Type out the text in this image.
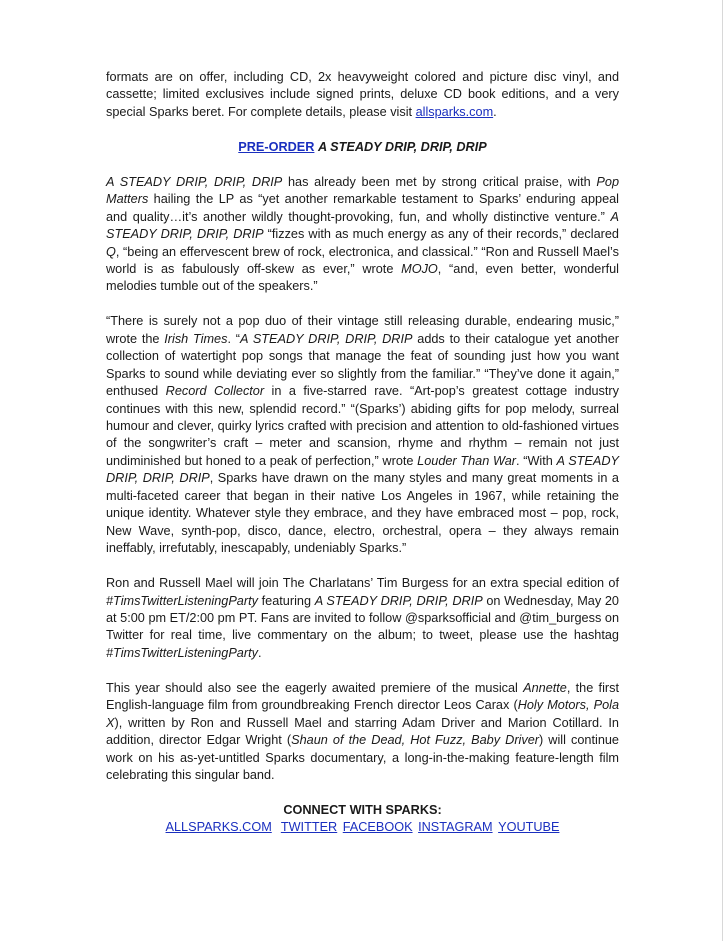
formats are on offer, including CD, 2x heavyweight colored and picture disc vinyl, and cassette; limited exclusives include signed prints, deluxe CD book editions, and a very special Sparks beret. For complete details, please visit allsparks.com.

PRE-ORDER A STEADY DRIP, DRIP, DRIP

A STEADY DRIP, DRIP, DRIP has already been met by strong critical praise, with Pop Matters hailing the LP as “yet another remarkable testament to Sparks’ enduring appeal and quality…it’s another wildly thought-provoking, fun, and wholly distinctive venture.” A STEADY DRIP, DRIP, DRIP “fizzes with as much energy as any of their records,” declared Q, “being an effervescent brew of rock, electronica, and classical.” “Ron and Russell Mael’s world is as fabulously off-skew as ever,” wrote MOJO, “and, even better, wonderful melodies tumble out of the speakers.”

“There is surely not a pop duo of their vintage still releasing durable, endearing music,” wrote the Irish Times. “A STEADY DRIP, DRIP, DRIP adds to their catalogue yet another collection of watertight pop songs that manage the feat of sounding just how you want Sparks to sound while deviating ever so slightly from the familiar.” “They’ve done it again,” enthused Record Collector in a five-starred rave. “Art-pop’s greatest cottage industry continues with this new, splendid record.” “(Sparks’) abiding gifts for pop melody, surreal humour and clever, quirky lyrics crafted with precision and attention to old-fashioned virtues of the songwriter’s craft – meter and scansion, rhyme and rhythm – remain not just undiminished but honed to a peak of perfection,” wrote Louder Than War. “With A STEADY DRIP, DRIP, DRIP, Sparks have drawn on the many styles and many great moments in a multi-faceted career that began in their native Los Angeles in 1967, while retaining the unique identity. Whatever style they embrace, and they have embraced most – pop, rock, New Wave, synth-pop, disco, dance, electro, orchestral, opera – they always remain ineffably, irrefutably, inescapably, undeniably Sparks.”

Ron and Russell Mael will join The Charlatans’ Tim Burgess for an extra special edition of #TimsTwitterListeningParty featuring A STEADY DRIP, DRIP, DRIP on Wednesday, May 20 at 5:00 pm ET/2:00 pm PT. Fans are invited to follow @sparksofficial and @tim_burgess on Twitter for real time, live commentary on the album; to tweet, please use the hashtag #TimsTwitterListeningParty.

This year should also see the eagerly awaited premiere of the musical Annette, the first English-language film from groundbreaking French director Leos Carax (Holy Motors, Pola X), written by Ron and Russell Mael and starring Adam Driver and Marion Cotillard. In addition, director Edgar Wright (Shaun of the Dead, Hot Fuzz, Baby Driver) will continue work on his as-yet-untitled Sparks documentary, a long-in-the-making feature-length film celebrating this singular band.

CONNECT WITH SPARKS:

ALLSPARKS.COM TWITTER FACEBOOK INSTAGRAM YOUTUBE
